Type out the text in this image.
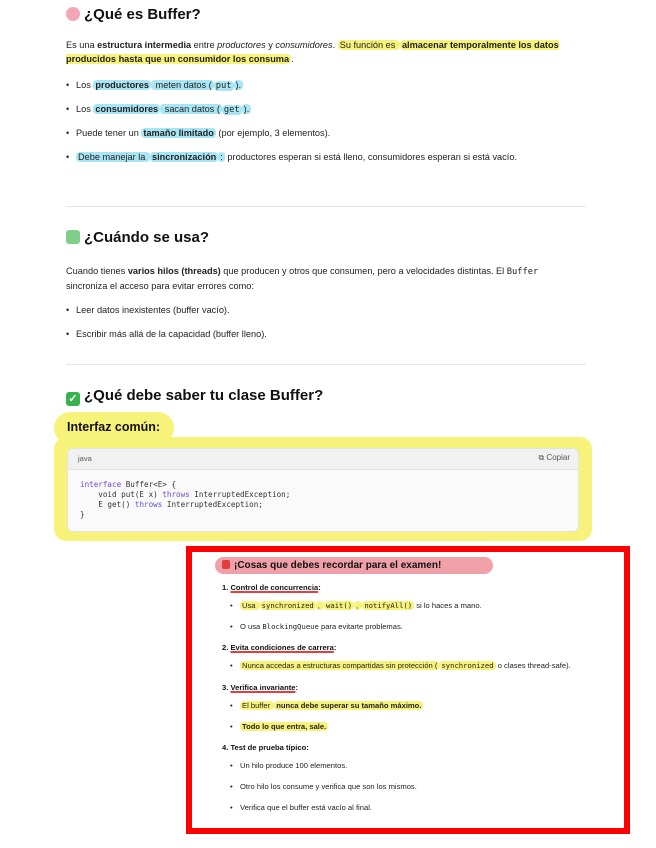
¿Qué es Buffer?
Es una estructura intermedia entre productores y consumidores. Su función es almacenar temporalmente los datos producidos hasta que un consumidor los consuma .
• Los productores meten datos ( put ).
• Los consumidores sacan datos ( get ).
• Puede tener un tamaño limitado (por ejemplo, 3 elementos).
• Debe manejar la sincronización : productores esperan si está lleno, consumidores esperan si está vacío.
¿Cuándo se usa?
Cuando tienes varios hilos (threads) que producen y otros que consumen, pero a velocidades distintas. El Buffer sincroniza el acceso para evitar errores como:
• Leer datos inexistentes (buffer vacío).
• Escribir más allá de la capacidad (buffer lleno).
✓ ¿Qué debe saber tu clase Buffer?
Interfaz común:
java	⧉ Copiar
interface Buffer<E> {
void put(E x) throws InterruptedException;
E get() throws InterruptedException;
}
¡Cosas que debes recordar para el examen!
1. Control de concurrencia:
• Usa synchronized , wait() , notifyAll() si lo haces a mano.
• O usa BlockingQueue para evitarte problemas.
2. Evita condiciones de carrera:
• Nunca accedas a estructuras compartidas sin protección ( synchronized o clases thread-safe).
3. Verifica invariante:
• El buffer nunca debe superar su tamaño máximo.
• Todo lo que entra, sale.
4. Test de prueba típico:
• Un hilo produce 100 elementos.
• Otro hilo los consume y verifica que son los mismos.
• Verifica que el buffer está vacío al final.
